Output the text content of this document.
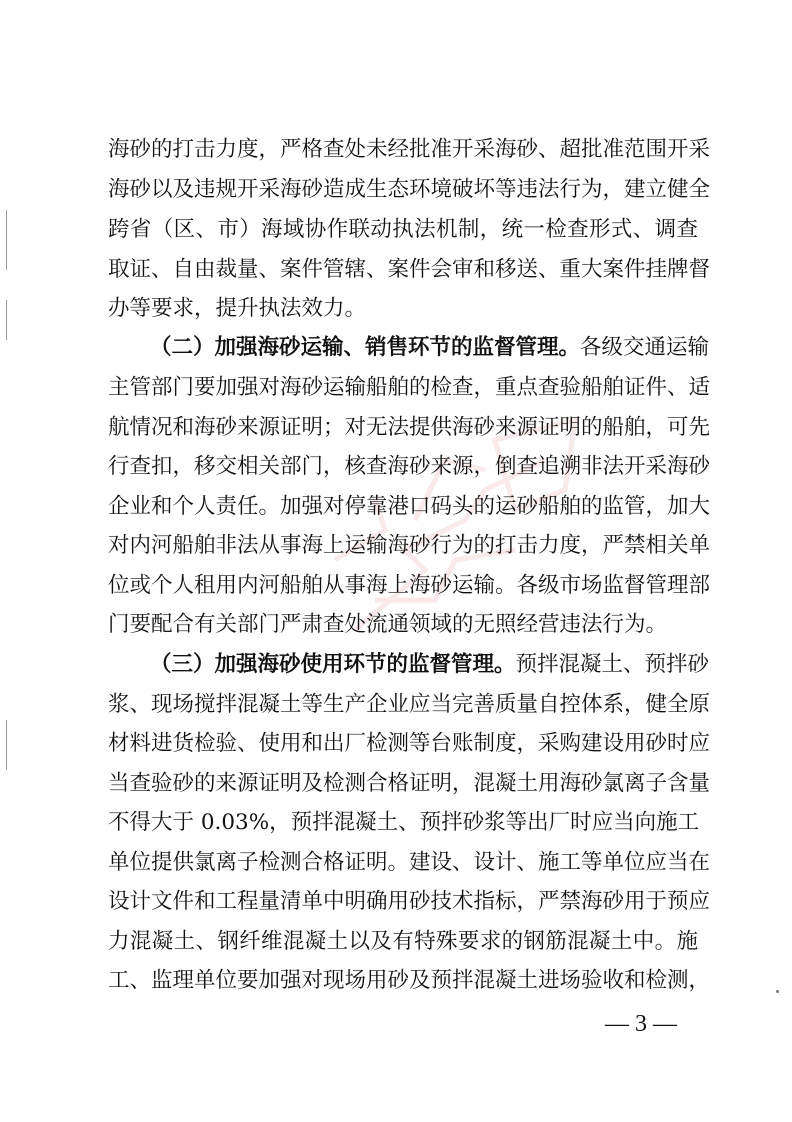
海砂的打击力度，严格查处未经批准开采海砂、超批准范围开采
海砂以及违规开采海砂造成生态环境破坏等违法行为，建立健全
跨省（区、市）海域协作联动执法机制，统一检查形式、调查
取证、自由裁量、案件管辖、案件会审和移送、重大案件挂牌督
办等要求，提升执法效力。
（二）加强海砂运输、销售环节的监督管理。各级交通运输
主管部门要加强对海砂运输船舶的检查，重点查验船舶证件、适
航情况和海砂来源证明；对无法提供海砂来源证明的船舶，可先
行查扣，移交相关部门，核查海砂来源，倒查追溯非法开采海砂
企业和个人责任。加强对停靠港口码头的运砂船舶的监管，加大
对内河船舶非法从事海上运输海砂行为的打击力度，严禁相关单
位或个人租用内河船舶从事海上海砂运输。各级市场监督管理部
门要配合有关部门严肃查处流通领域的无照经营违法行为。
（三）加强海砂使用环节的监督管理。预拌混凝土、预拌砂
浆、现场搅拌混凝土等生产企业应当完善质量自控体系，健全原
材料进货检验、使用和出厂检测等台账制度，采购建设用砂时应
当查验砂的来源证明及检测合格证明，混凝土用海砂氯离子含量
不得大于 0.03%，预拌混凝土、预拌砂浆等出厂时应当向施工
单位提供氯离子检测合格证明。建设、设计、施工等单位应当在
设计文件和工程量清单中明确用砂技术指标，严禁海砂用于预应
力混凝土、钢纤维混凝土以及有特殊要求的钢筋混凝土中。施
工、监理单位要加强对现场用砂及预拌混凝土进场验收和检测，
— 3 —
